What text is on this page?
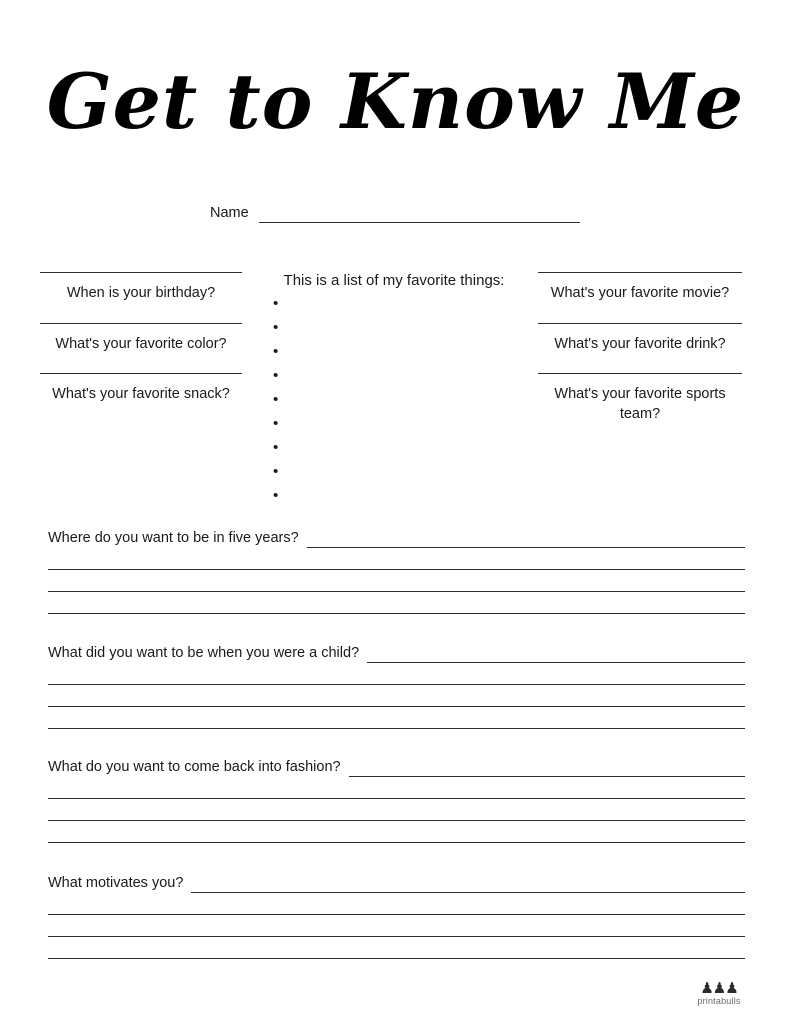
Get to Know Me
Name
When is your birthday?
What's your favorite color?
What's your favorite snack?
This is a list of my favorite things:
•
•
•
•
•
•
•
•
•
What's your favorite movie?
What's your favorite drink?
What's your favorite sports team?
Where do you want to be in five years?
What did you want to be when you were a child?
What do you want to come back into fashion?
What motivates you?
♟♟♟
printabulls
